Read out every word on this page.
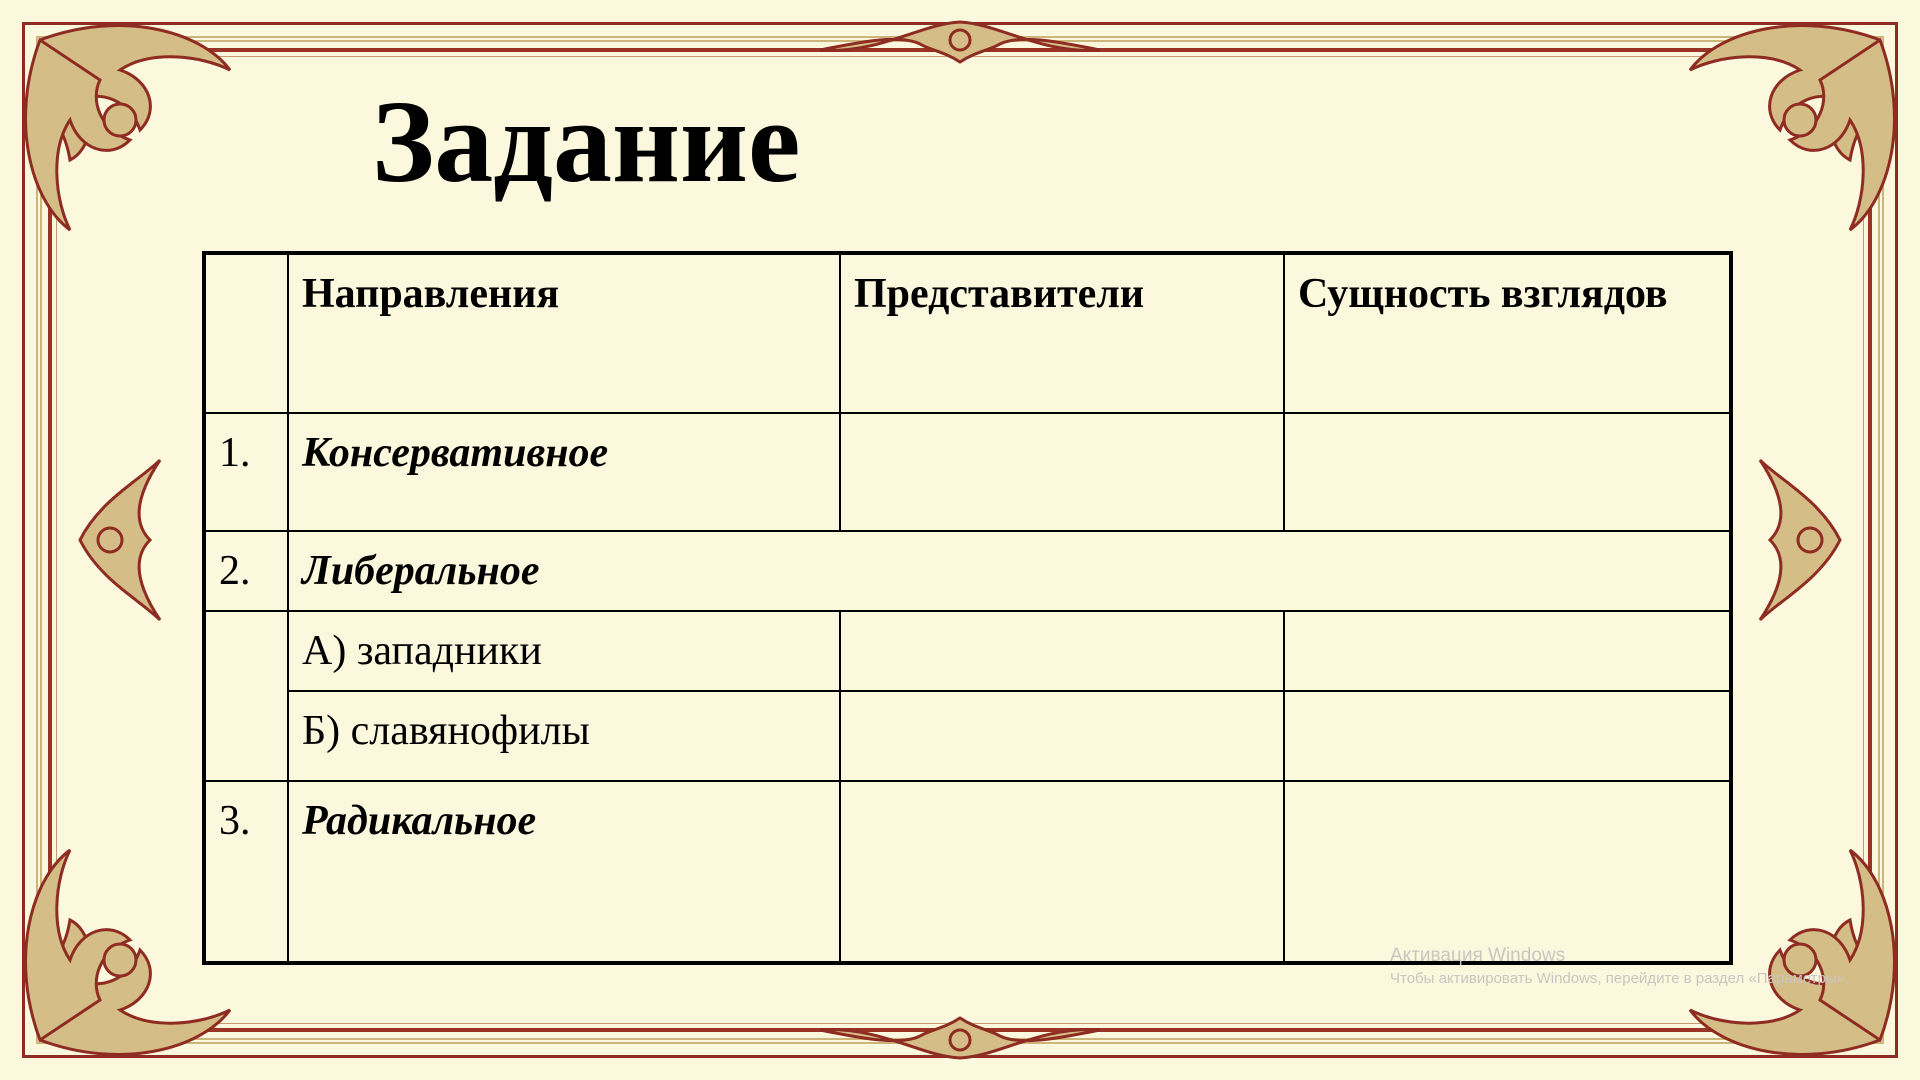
Задание
	Направления	Представители	Сущность взглядов
1.	Консервативное		
2.	Либеральное		
	А) западники		
	Б) славянофилы		
3.	Радикальное		
Активация Windows
Чтобы активировать Windows, перейдите в раздел «Параметры».
